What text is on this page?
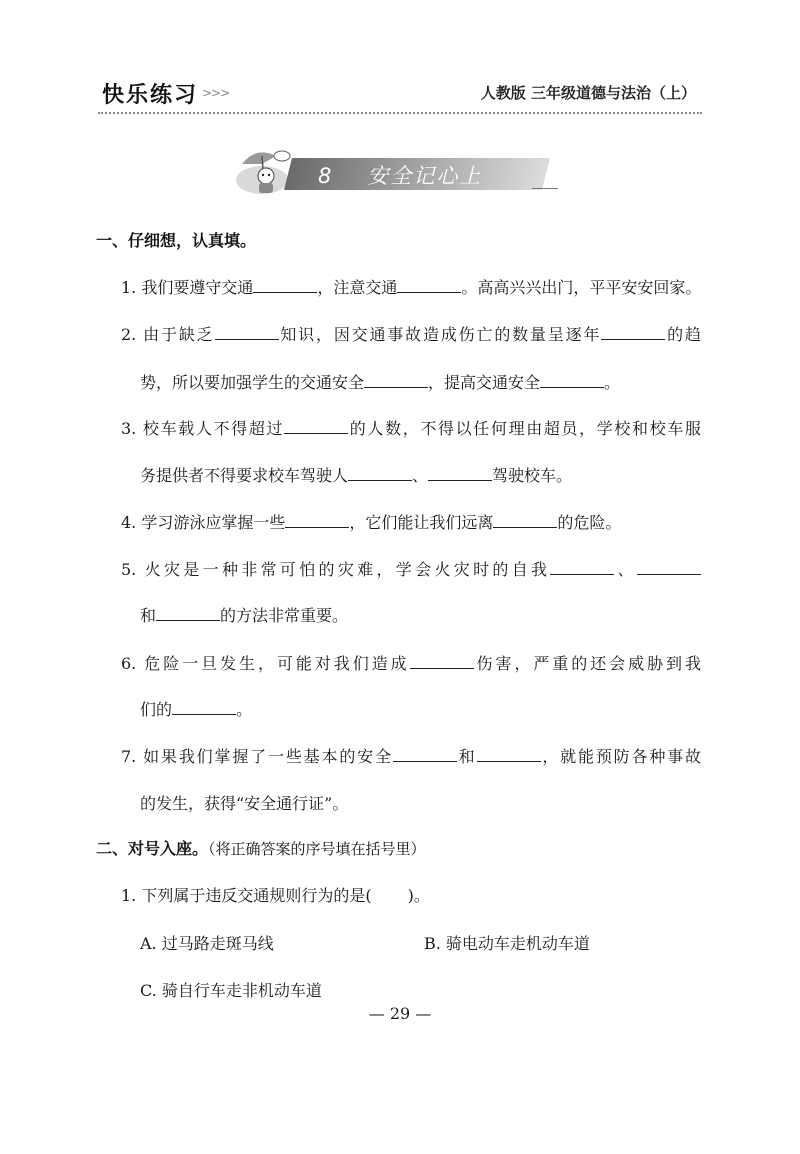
快乐练习 >>>	人教版 三年级道德与法治（上）
8 安全记心上
一、仔细想，认真填。
1. 我们要遵守交通	，注意交通	。高高兴兴出门，平平安安回家。
2. 由于缺乏	知识，因交通事故造成伤亡的数量呈逐年	的趋
势，所以要加强学生的交通安全	，提高交通安全	。
3. 校车载人不得超过	的人数，不得以任何理由超员，学校和校车服
务提供者不得要求校车驾驶人	、	驾驶校车。
4. 学习游泳应掌握一些	，它们能让我们远离	的危险。
5. 火灾是一种非常可怕的灾难，学会火灾时的自我	、
和	的方法非常重要。
6. 危险一旦发生，可能对我们造成	伤害，严重的还会威胁到我
们的	。
7. 如果我们掌握了一些基本的安全	和	，就能预防各种事故
的发生，获得“安全通行证”。
二、对号入座。（将正确答案的序号填在括号里）
1. 下列属于违反交通规则行为的是( )。
A. 过马路走斑马线	B. 骑电动车走机动车道
C. 骑自行车走非机动车道
— 29 —
